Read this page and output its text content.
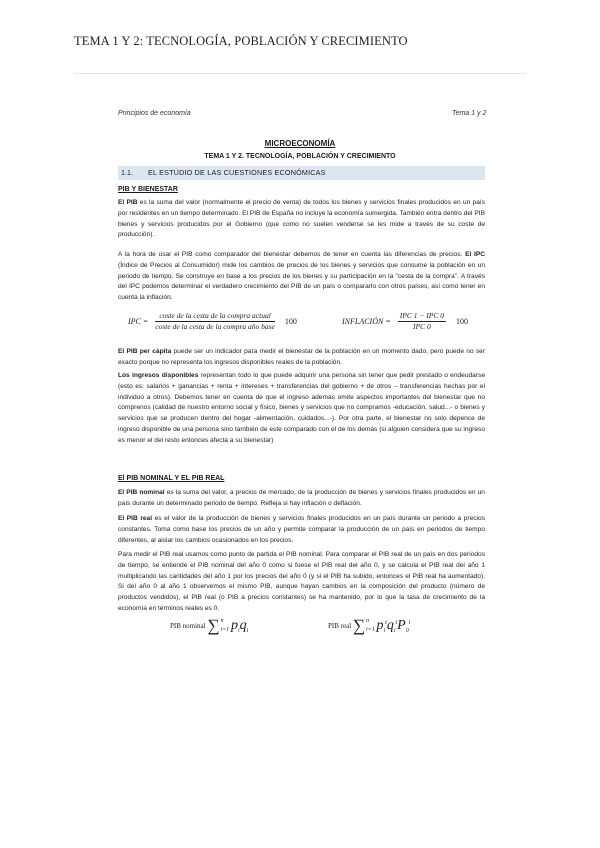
TEMA 1 Y 2: TECNOLOGÍA, POBLACIÓN Y CRECIMIENTO
Principios de economía	Tema 1 y 2
MICROECONOMÍA
TEMA 1 Y 2. TECNOLOGÍA, POBLACIÓN Y CRECIMIENTO
1.1. EL ESTUDIO DE LAS CUESTIONES ECONÓMICAS
PIB Y BIENESTAR
El PIB es la suma del valor (normalmente el precio de venta) de todos los bienes y servicios finales producidos en un país por residentes en un tiempo determinado. El PIB de España no incluye la economía sumergida. También entra dentro del PIB bienes y servicios producidos por el Gobierno (que como no suelen venderse se les mide a través de su coste de producción).
A la hora de usar el PIB como comparador del bienestar debemos de tener en cuenta las diferencias de precios. El IPC (Índice de Precios al Consumidor) mide los cambios de precios de los bienes y servicios que consume la población en un periodo de tiempo. Se construye en base a los precios de los bienes y su participación en la "cesta de la compra". A través del IPC podemos determinar el verdadero crecimiento del PIB de un país o compararlo con otros países, así como tener en cuenta la inflación.
IPC = $\frac{\text{coste de la cesta de la compra actual}}{\text{coste de la cesta de la compra año base}} 100$	INFLACIÓN = $\frac{\text{IPC 1 − IPC 0}}{\text{IPC 0}} 100$
El PIB per cápita puede ser un indicador para medir el bienestar de la población en un momento dado, pero puede no ser exacto porque no representa los ingresos disponibles reales de la población.
Los ingresos disponibles representan todo lo que puede adquirir una persona sin tener que pedir prestado o endeudarse (esto es: salarios + ganancias + renta + intereses + transferencias del gobierno + de otros – transferencias hechas por el individuo a otros). Debemos tener en cuenta de que el ingreso además omite aspectos importantes del bienestar que no comprenos (calidad de nuestro entorno social y físico, bienes y servicios que no compramos -educación, salud...- o bienes y servicios que se producen dentro del hogar -alimentación, cuidados...-). Por otra parte, el bienestar no solo depence de ingreso disponible de una persona sino también de este comparado con el de los demás (si alguien considera que su ingreso es menor el del resto entonces afecta a su bienestar)
El PIB NOMINAL Y EL PIB REAL
El PIB nominal es la suma del valor, a precios de mercado, de la producción de bienes y servicios finales producidos en un país durante un determinado periodo de tiempo. Refleja si hay inflación o deflación.
El PIB real es el valor de la producción de bienes y servicios finales producidos en un país durante un periodo a precios constantes. Toma como base los precios de un año y permite comparar la producción de un país en periodos de tiempo diferentes, al aislar los cambios ocasionados en los precios.
Para medir el PIB real usamos como punto de partida el PIB nominal. Para comparar el PIB real de un país en dos periodos de tiempo, se entiende el PIB nominal del año 0 como si fuese el PIB real del año 0, y se calcula el PIB real del año 1 multiplicando las cantidades del año 1 por los precios del año 0 (y si el PIB ha subido, entonces el PIB real ha aumentado). Si del año 0 al año 1 observemos el mismo PIB, aunque hayan cambios en la composición del producto (número de productos vendidos), el PIB real (o PIB a precios constantes) se ha mantenido, por lo que la tasa de crecimiento de la economía en términos reales es 0.
PIB nominal ∑ n
i=1 $p_iq_i$
PIB real ∑ n
i=1 $p_i^tq_i^tP_0^t$
